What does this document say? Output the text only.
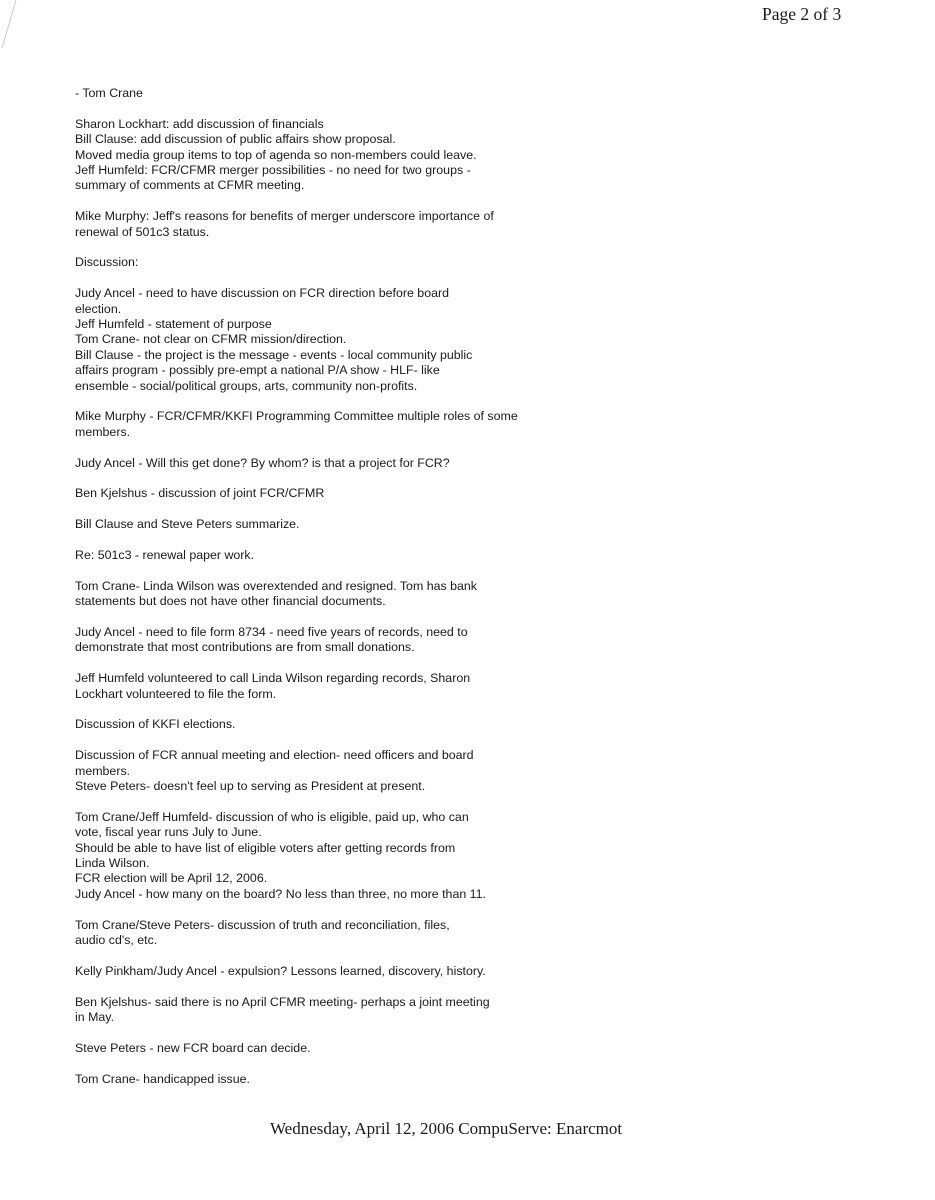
Page 2 of 3
- Tom Crane
Sharon Lockhart: add discussion of financials
Bill Clause: add discussion of public affairs show proposal.
Moved media group items to top of agenda so non-members could leave.
Jeff Humfeld: FCR/CFMR merger possibilities - no need for two groups -
summary of comments at CFMR meeting.
Mike Murphy: Jeff's reasons for benefits of merger underscore importance of
renewal of 501c3 status.
Discussion:
Judy Ancel - need to have discussion on FCR direction before board
election.
Jeff Humfeld - statement of purpose
Tom Crane- not clear on CFMR mission/direction.
Bill Clause - the project is the message - events - local community public
affairs program - possibly pre-empt a national P/A show - HLF- like
ensemble - social/political groups, arts, community non-profits.
Mike Murphy - FCR/CFMR/KKFI Programming Committee multiple roles of some
members.
Judy Ancel - Will this get done? By whom? is that a project for FCR?
Ben Kjelshus - discussion of joint FCR/CFMR
Bill Clause and Steve Peters summarize.
Re: 501c3 - renewal paper work.
Tom Crane- Linda Wilson was overextended and resigned. Tom has bank
statements but does not have other financial documents.
Judy Ancel - need to file form 8734 - need five years of records, need to
demonstrate that most contributions are from small donations.
Jeff Humfeld volunteered to call Linda Wilson regarding records, Sharon
Lockhart volunteered to file the form.
Discussion of KKFI elections.
Discussion of FCR annual meeting and election- need officers and board
members.
Steve Peters- doesn't feel up to serving as President at present.
Tom Crane/Jeff Humfeld- discussion of who is eligible, paid up, who can
vote, fiscal year runs July to June.
Should be able to have list of eligible voters after getting records from
Linda Wilson.
FCR election will be April 12, 2006.
Judy Ancel - how many on the board? No less than three, no more than 11.
Tom Crane/Steve Peters- discussion of truth and reconciliation, files,
audio cd's, etc.
Kelly Pinkham/Judy Ancel - expulsion? Lessons learned, discovery, history.
Ben Kjelshus- said there is no April CFMR meeting- perhaps a joint meeting
in May.
Steve Peters - new FCR board can decide.
Tom Crane- handicapped issue.
Wednesday, April 12, 2006 CompuServe: Enarcmot
